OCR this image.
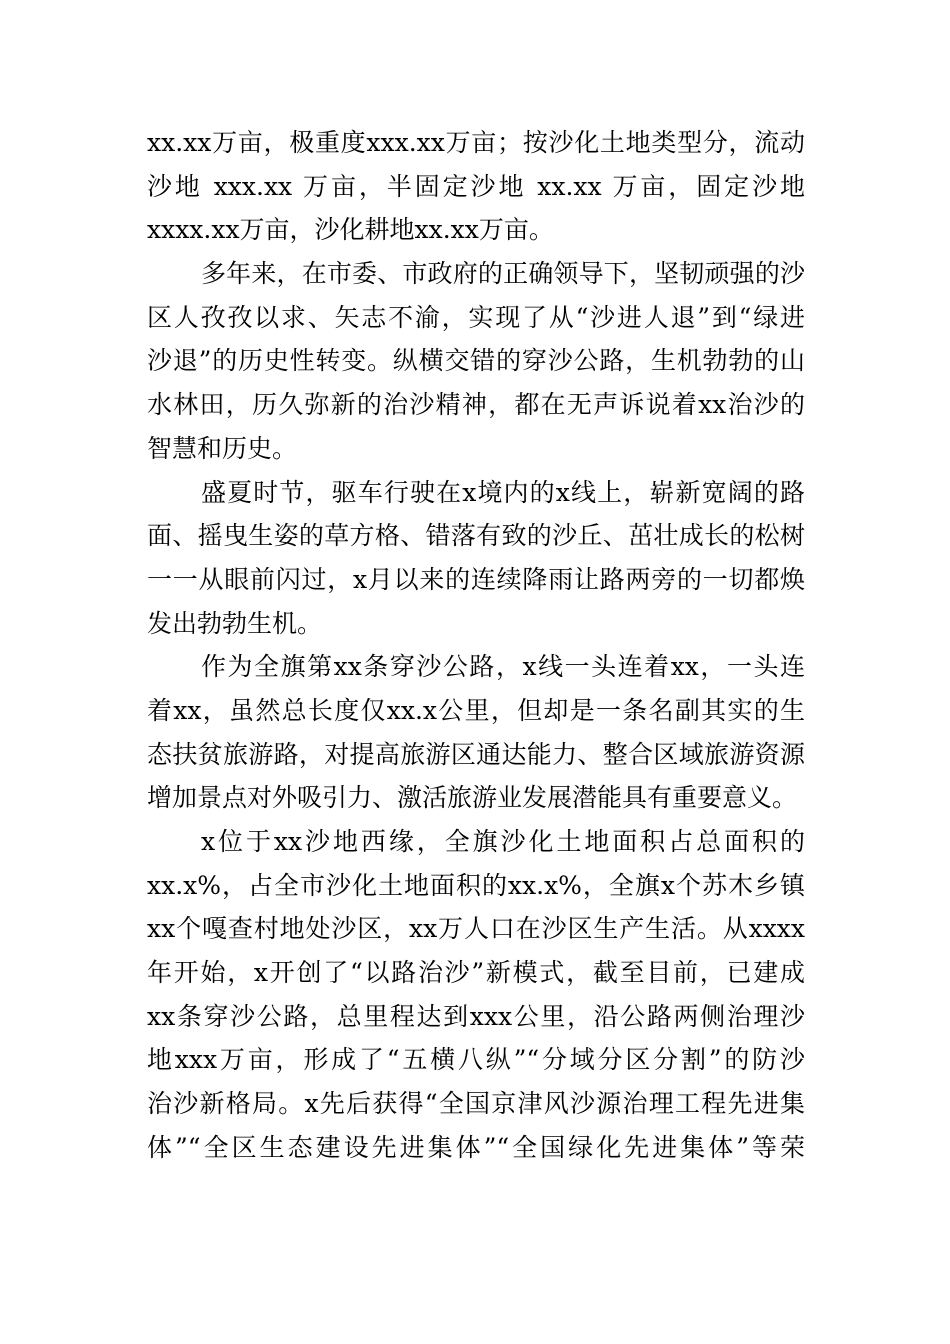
xx.xx万亩，极重度xxx.xx万亩；按沙化土地类型分，流动
沙地 xxx.xx 万亩，半固定沙地 xx.xx 万亩，固定沙地
xxxx.xx万亩，沙化耕地xx.xx万亩。
多年来，在市委、市政府的正确领导下，坚韧顽强的沙
区人孜孜以求、矢志不渝，实现了从“沙进人退”到“绿进
沙退”的历史性转变。纵横交错的穿沙公路，生机勃勃的山
水林田，历久弥新的治沙精神，都在无声诉说着xx治沙的
智慧和历史。
盛夏时节，驱车行驶在x境内的x线上，崭新宽阔的路
面、摇曳生姿的草方格、错落有致的沙丘、茁壮成长的松树
一一从眼前闪过，x月以来的连续降雨让路两旁的一切都焕
发出勃勃生机。
作为全旗第xx条穿沙公路，x线一头连着xx，一头连
着xx，虽然总长度仅xx.x公里，但却是一条名副其实的生
态扶贫旅游路，对提高旅游区通达能力、整合区域旅游资源
增加景点对外吸引力、激活旅游业发展潜能具有重要意义。
x位于xx沙地西缘，全旗沙化土地面积占总面积的
xx.x%，占全市沙化土地面积的xx.x%，全旗x个苏木乡镇
xx个嘎查村地处沙区，xx万人口在沙区生产生活。从xxxx
年开始，x开创了“以路治沙”新模式，截至目前，已建成
xx条穿沙公路，总里程达到xxx公里，沿公路两侧治理沙
地xxx万亩，形成了“五横八纵”“分域分区分割”的防沙
治沙新格局。x先后获得“全国京津风沙源治理工程先进集
体”“全区生态建设先进集体”“全国绿化先进集体”等荣
